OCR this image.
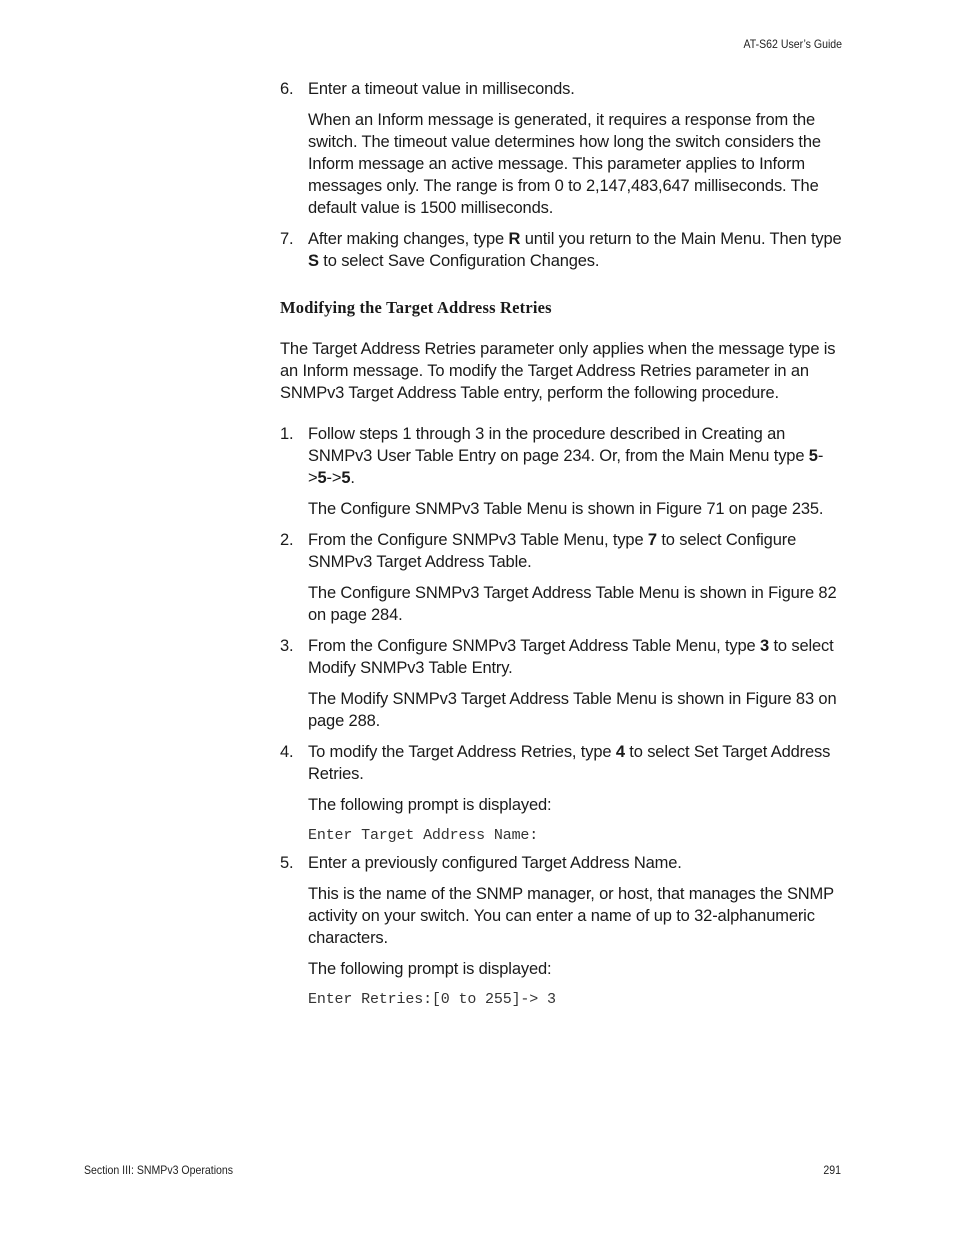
AT-S62 User’s Guide
6. Enter a timeout value in milliseconds.
When an Inform message is generated, it requires a response from the switch. The timeout value determines how long the switch considers the Inform message an active message. This parameter applies to Inform messages only. The range is from 0 to 2,147,483,647 milliseconds. The default value is 1500 milliseconds.
7. After making changes, type R until you return to the Main Menu. Then type S to select Save Configuration Changes.
Modifying the Target Address Retries
The Target Address Retries parameter only applies when the message type is an Inform message. To modify the Target Address Retries parameter in an SNMPv3 Target Address Table entry, perform the following procedure.
1. Follow steps 1 through 3 in the procedure described in Creating an SNMPv3 User Table Entry on page 234. Or, from the Main Menu type 5->5->5.
The Configure SNMPv3 Table Menu is shown in Figure 71 on page 235.
2. From the Configure SNMPv3 Table Menu, type 7 to select Configure SNMPv3 Target Address Table.
The Configure SNMPv3 Target Address Table Menu is shown in Figure 82 on page 284.
3. From the Configure SNMPv3 Target Address Table Menu, type 3 to select Modify SNMPv3 Table Entry.
The Modify SNMPv3 Target Address Table Menu is shown in Figure 83 on page 288.
4. To modify the Target Address Retries, type 4 to select Set Target Address Retries.
The following prompt is displayed:
Enter Target Address Name:
5. Enter a previously configured Target Address Name.
This is the name of the SNMP manager, or host, that manages the SNMP activity on your switch. You can enter a name of up to 32-alphanumeric characters.
The following prompt is displayed:
Enter Retries:[0 to 255]-> 3
Section III: SNMPv3 Operations	291
